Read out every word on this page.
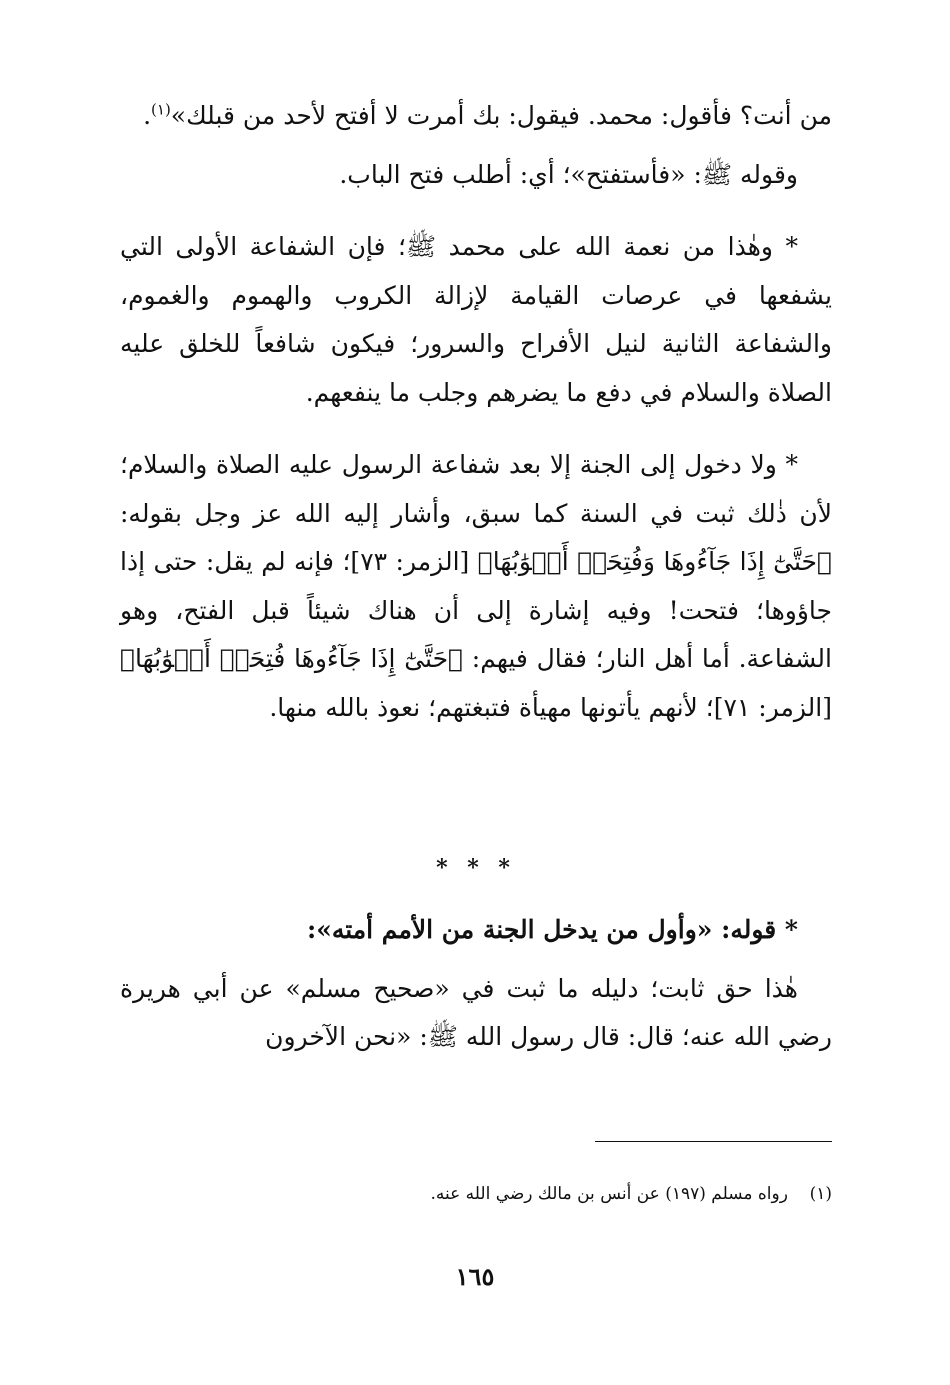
من أنت؟ فأقول: محمد. فيقول: بك أمرت لا أفتح لأحد من قبلك»$^{(١)}$.

وقوله ﷺ: «فأستفتح»؛ أي: أطلب فتح الباب.

* وهٰذا من نعمة الله على محمد ﷺ؛ فإن الشفاعة الأولى التي يشفعها في عرصات القيامة لإزالة الكروب والهموم والغموم، والشفاعة الثانية لنيل الأفراح والسرور؛ فيكون شافعاً للخلق عليه الصلاة والسلام في دفع ما يضرهم وجلب ما ينفعهم.

* ولا دخول إلى الجنة إلا بعد شفاعة الرسول عليه الصلاة والسلام؛ لأن ذٰلك ثبت في السنة كما سبق، وأشار إليه الله عز وجل بقوله: ﴿حَتَّىٰٓ إِذَا جَآءُوهَا وَفُتِحَتۡ أَبۡوَٰبُهَا﴾ [الزمر: ٧٣]؛ فإنه لم يقل: حتى إذا جاؤوها؛ فتحت! وفيه إشارة إلى أن هناك شيئاً قبل الفتح، وهو الشفاعة. أما أهل النار؛ فقال فيهم: ﴿حَتَّىٰٓ إِذَا جَآءُوهَا فُتِحَتۡ أَبۡوَٰبُهَا﴾ [الزمر: ٧١]؛ لأنهم يأتونها مهيأة فتبغتهم؛ نعوذ بالله منها.

* * *

* قوله: «وأول من يدخل الجنة من الأمم أمته»:

هٰذا حق ثابت؛ دليله ما ثبت في «صحيح مسلم» عن أبي هريرة رضي الله عنه؛ قال: قال رسول الله ﷺ: «نحن الآخرون

(١)    رواه مسلم (١٩٧) عن أنس بن مالك رضي الله عنه.
١٦٥
